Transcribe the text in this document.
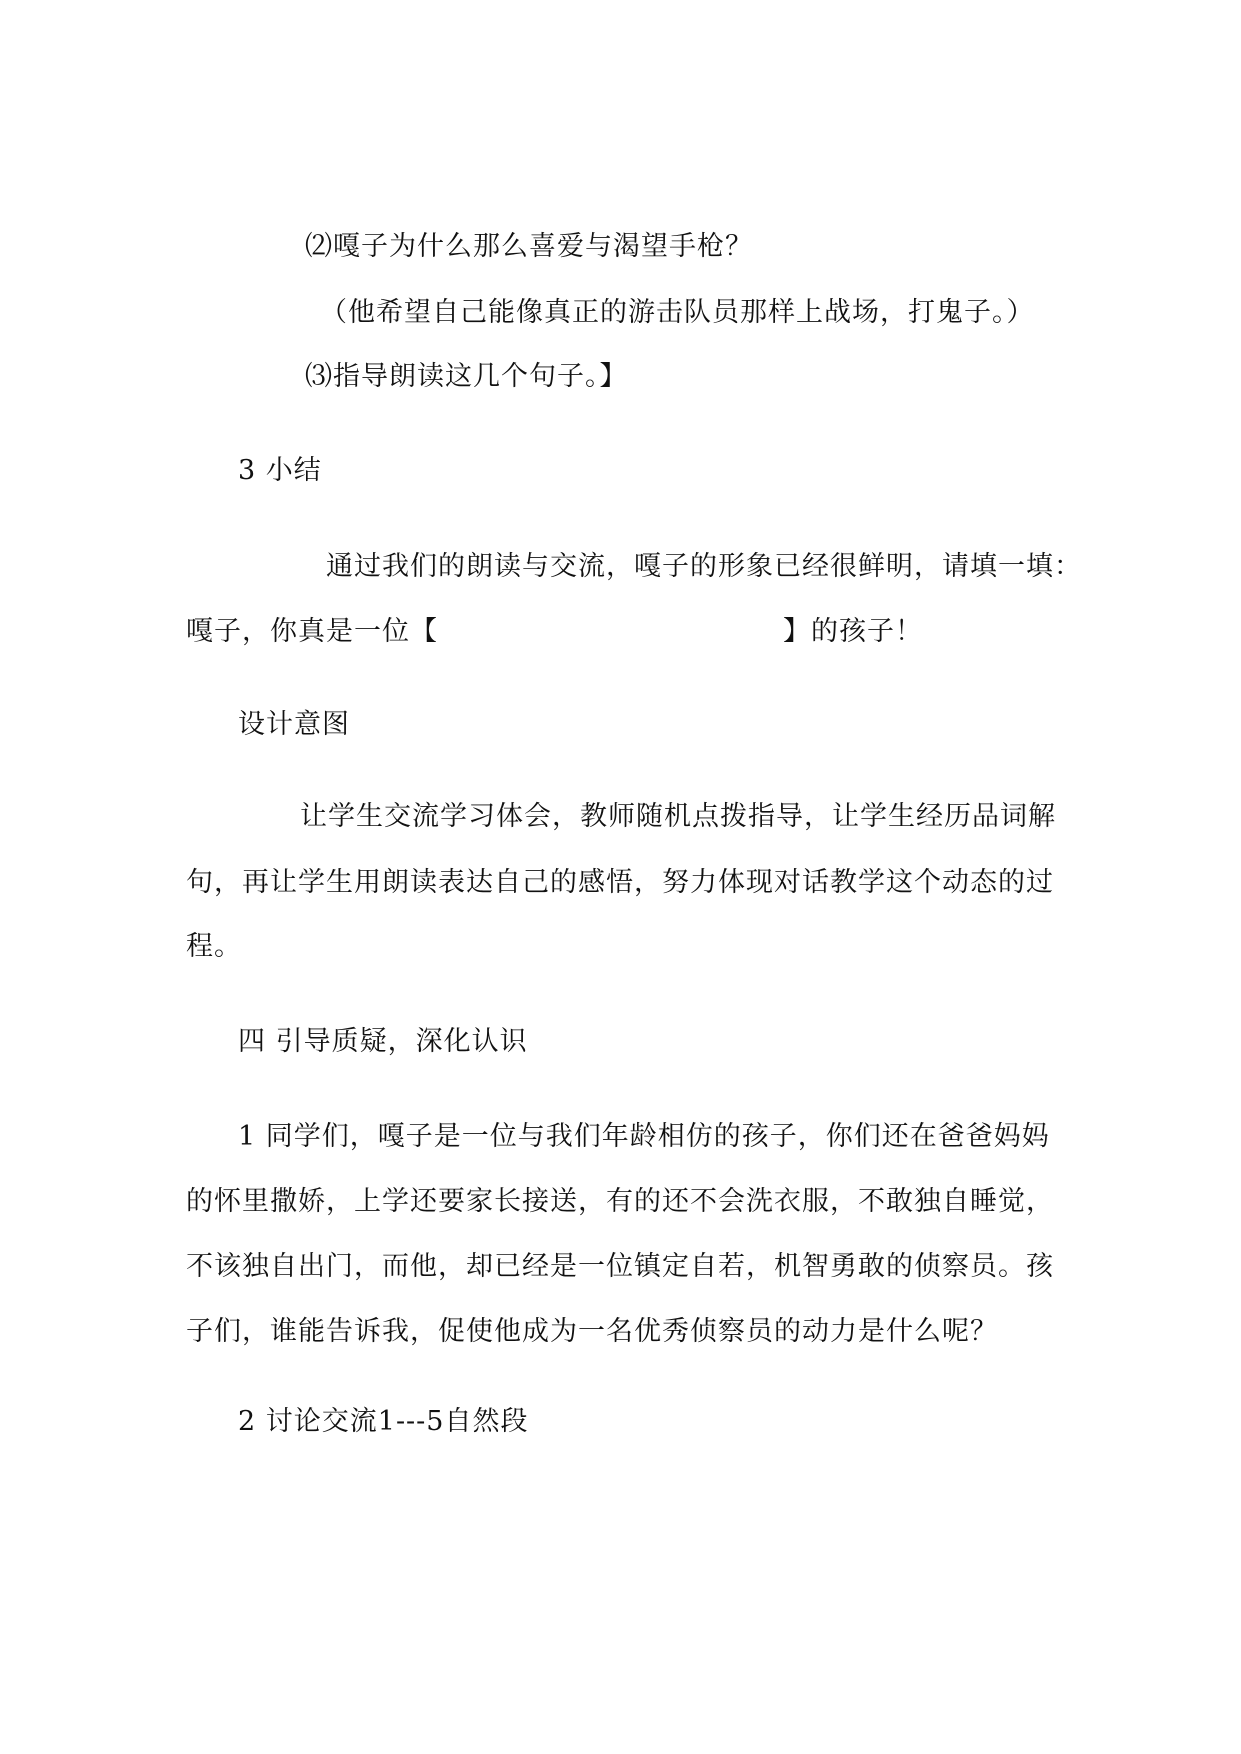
⑵嘎子为什么那么喜爱与渴望手枪？
（他希望自己能像真正的游击队员那样上战场，打鬼子。）
⑶指导朗读这几个句子。】
3 小结
通过我们的朗读与交流，嘎子的形象已经很鲜明，请填一填：
嘎子，你真是一位【	】的孩子！
设计意图
让学生交流学习体会，教师随机点拨指导，让学生经历品词解
句，再让学生用朗读表达自己的感悟，努力体现对话教学这个动态的过
程。
四 引导质疑，深化认识
1 同学们，嘎子是一位与我们年龄相仿的孩子，你们还在爸爸妈妈
的怀里撒娇，上学还要家长接送，有的还不会洗衣服，不敢独自睡觉，
不该独自出门，而他，却已经是一位镇定自若，机智勇敢的侦察员。孩
子们，谁能告诉我，促使他成为一名优秀侦察员的动力是什么呢？
2 讨论交流1---5自然段
